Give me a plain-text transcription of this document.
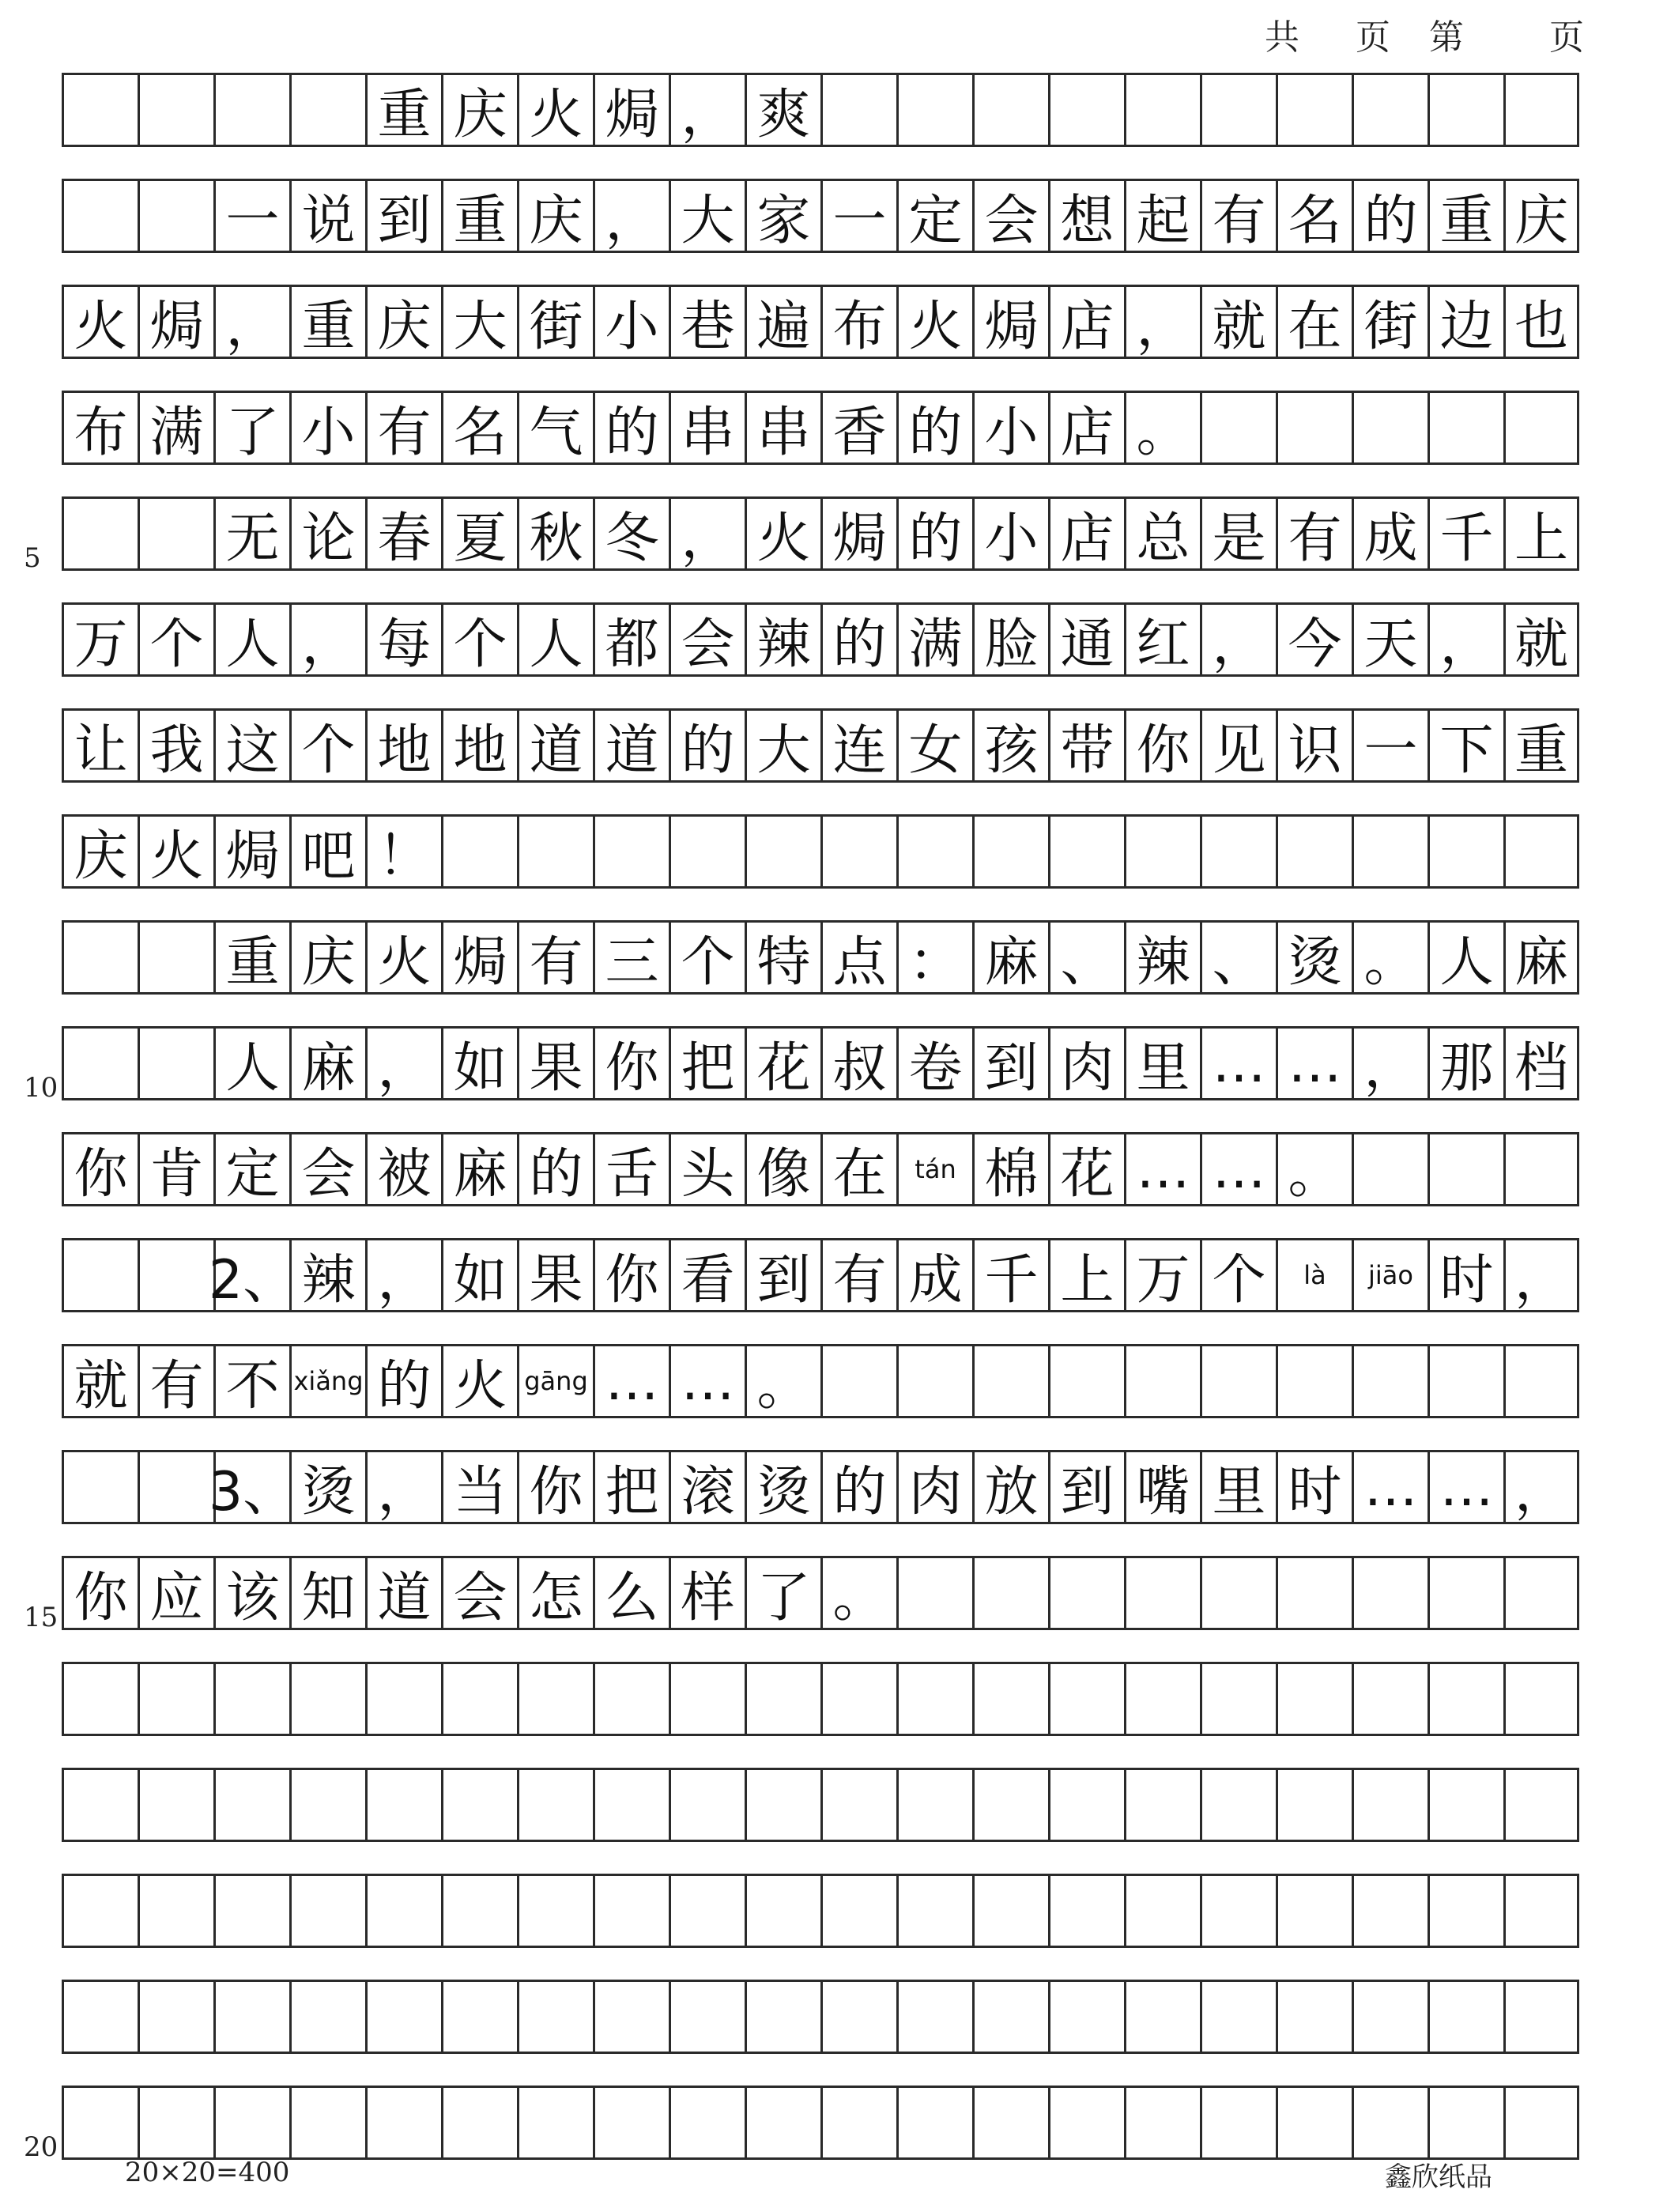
共 页 第 页
重 庆 火 焗 ， 爽
一 说 到 重 庆 ， 大 家 一 定 会 想 起 有 名 的 重 庆
火 焗 ， 重 庆 大 街 小 巷 遍 布 火 焗 店 ， 就 在 街 边 也
布 满 了 小 有 名 气 的 串 串 香 的 小 店 。
无 论 春 夏 秋 冬 ， 火 焗 的 小 店 总 是 有 成 千 上
万 个 人 ， 每 个 人 都 会 辣 的 满 脸 通 红 ， 今 天 ， 就
让 我 这 个 地 地 道 道 的 大 连 女 孩 带 你 见 识 一 下 重
庆 火 焗 吧 ！
重 庆 火 焗 有 三 个 特 点 ： 麻 、 辣 、 烫 。 人 麻
人 麻 ， 如 果 你 把 花 叔 卷 到 肉 里 … … ， 那 档
你 肯 定 会 被 麻 的 舌 头 像 在	tán 棉 花 … … 。
2、 辣 ， 如 果 你 看 到 有 成 千 上 万 个	là	jiāo 时 ，
就 有 不 xiǎng 的 火 gāng … … 。
3、 烫 ， 当 你 把 滚 烫 的 肉 放 到 嘴 里 时 … … ，
你 应 该 知 道 会 怎 么 样 了 。
5
10
15
20
20×20=400	鑫欣纸品
